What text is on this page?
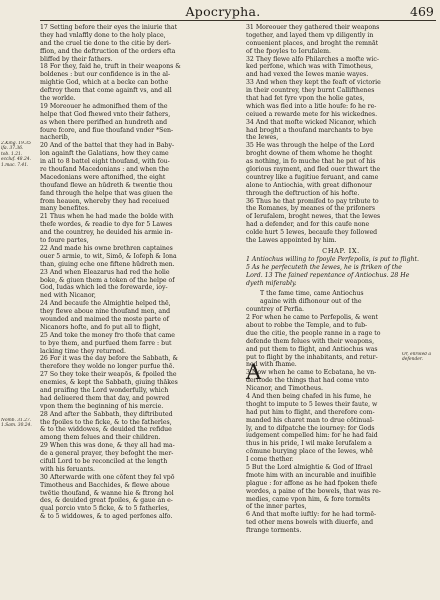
Apocrypha.	469
17 Setting before their eyes the iniurie that
they had vnlaffly done to the holy place,
and the cruel tie done to the citie by deri-
ffion, and the deftruction of the orders efta
bliffed by their fathers.
18 For they, faid he, truft in their weapons &
boldenes : but our confidence is in the al-
mightie God, which at a becke can bothe
deftroy them that come againft vs, and all
the worlde.
19 Moreouer he admonifhed them of the
helpe that God fhewed vnto their fathers,
as when there perifhed an hundreth and
foure fcore, and fiue thoufand vnder *Sen-
nacherib,
20 And of the battel that they had in Baby-
lon againft the Galatians, how they came
in all to 8 battel eight thoufand, with fou-
re thoufand Macedonians : and when the
Macedonians were aftonifhed, the eight
thoufand flewe an hūdreth & twentie thou
fand through the helpe that was giuen the
from heauen, whereby they had receiued
many benefites.
21 Thus when he had made the bolde with
thefe wordes, & readie to dye for 5 Lawes
and the countrey, he deuided his armie in-
to foure partes,
22 And made his owne brethren captaines
ouer 5 armie, to wit, Simō, & Iofeph & Iona
than, giuing eche one fiftene hūdreth men.
23 And when Eleazarus had red the holie
boke, & giuen them a token of the helpe of
God, Iudas which led the forewarde, ioy-
ned with Nicanor,
24 And becaufe the Almightie helped thē,
they flewe aboue nine thoufand men, and
wounded and maimed the moste parte of
Nicanors hofte, and fo put all to flight,
25 And toke the money fro thofe that came
to bye them, and purfued them farre : but
lacking time they returned.
26 For it was the day before the Sabbath, &
therefore they wolde no longer purfue thē.
27 So they toke their weapōs, & fpoiled the
enemies, & kept the Sabbath, giuing thākes
and praifing the Lord wonderfully, which
had deliuered them that day, and powred
vpon them the beginning of his mercie.
28 And after the Sabbath, they diftributed
the fpoiles to the ficke, & to the fatherles,
& to the widdowes, & deuided the refidue
among them felues and their children.
29 When this was done, & they all had ma-
de a general prayer, they befoght the mer-
cifull Lord to be reconciled at the length
with his feruants.
30 Afterwarde with one cōfent they fel vpō
Timotheus and Bacchides, & flewe aboue
twētie thoufand, & wanne hie & ftrong hol
des, & deuided great fpoiles, & gaue an e-
qual porcio vnto 5 ficke, & to 5 fatherles,
& to 5 widdowes, & to aged perfones alfo.
31 Moreouer they gathered their weapons
together, and layed them vp diligently in
conuenient places, and broght the remnāt
of the fpoyles to Ierufalem.
32 They flewe alfo Philarches a mofte wic-
ked perfone, which was with Timotheus,
and had vexed the Iewes manie wayes.
33 And when they kept the feaft of victorie
in their countrey, they burnt Callifthenes
that had fet fyre vpon the holie gates,
which was fled into a litle houfe: fo he re-
ceiued a rewarde mete for his wickednes.
34 And that mofte wicked Nicanor, which
had broght a thoufand marchants to bye
the Iewes,
35 He was through the helpe of the Lord
broght downe of them whome he thoght
as nothing, in fo muche that he put of his
glorious rayment, and fled ouer thwart the
countrey like a fugitiue feruant, and came
alone to Antiochia, with great difhonour
through the deftruction of his hofte.
36 Thus he that promifed to pay tribute to
the Romanes, by meanes of the prifoners
of Ierufalem, broght newes, that the Iewes
had a defender, and for this caufe none
colde hurt 5 Iewes, becaufe they followed
the Lawes appointed by him.
CHAP. IX.
1 Antiochus willing to fpoyle Perfepolis, is put to flight.
5 As he perfecuteth the Iewes, he is ftriken of the
Lord. 13 The fained repentance of Antiochus. 28 He
dyeth miferably.
T the fame time, came Antiochus
againe with difhonour out of the
countrey of Perfia.
2 For when he came to Perfepolis, & went
about to robbe the Temple, and to fub-
due the citie, the people ranne in a rage to
defende them felues with their weapons,
and put them to flight, and Antiochus was
put to flight by the inhabitants, and retur-
ned with fhame.
3 Now when he came to Ecbatana, he vn-
derftode the things that had come vnto
Nicanor, and Timotheus.
4 And then being chafed in his fume, he
thoght to impute to 5 Iewes their faute, w
had put him to flight, and therefore com-
manded his charet man to drue cōtinual-
ly, and to difpatche the iourney: for Gods
iudgement compelled him: for he had faid
thus in his pride, I wil make Ierufalem a
cōmune burying place of the Iewes, whē
I come thether.
5 But the Lord almightie & God of Ifrael
fmote him with an incurable and inuifible
plague : for affone as he had fpoken thefe
wordes, a paine of the bowels, that was re-
medies, came vpon him, & fore tormēts
of the inner partes,
6 And that mofte iuftly: for he had tormē-
ted other mens bowels with diuerfe, and
ftrange torments.
A
2.King. 19.35
ifa. 37.36.
tob. 1.21.
eccluf. 48.24.
1.mac. 7.41.
Nomb. 31.27.
1.Sam. 30.24.
Or, enroled a
defender.
